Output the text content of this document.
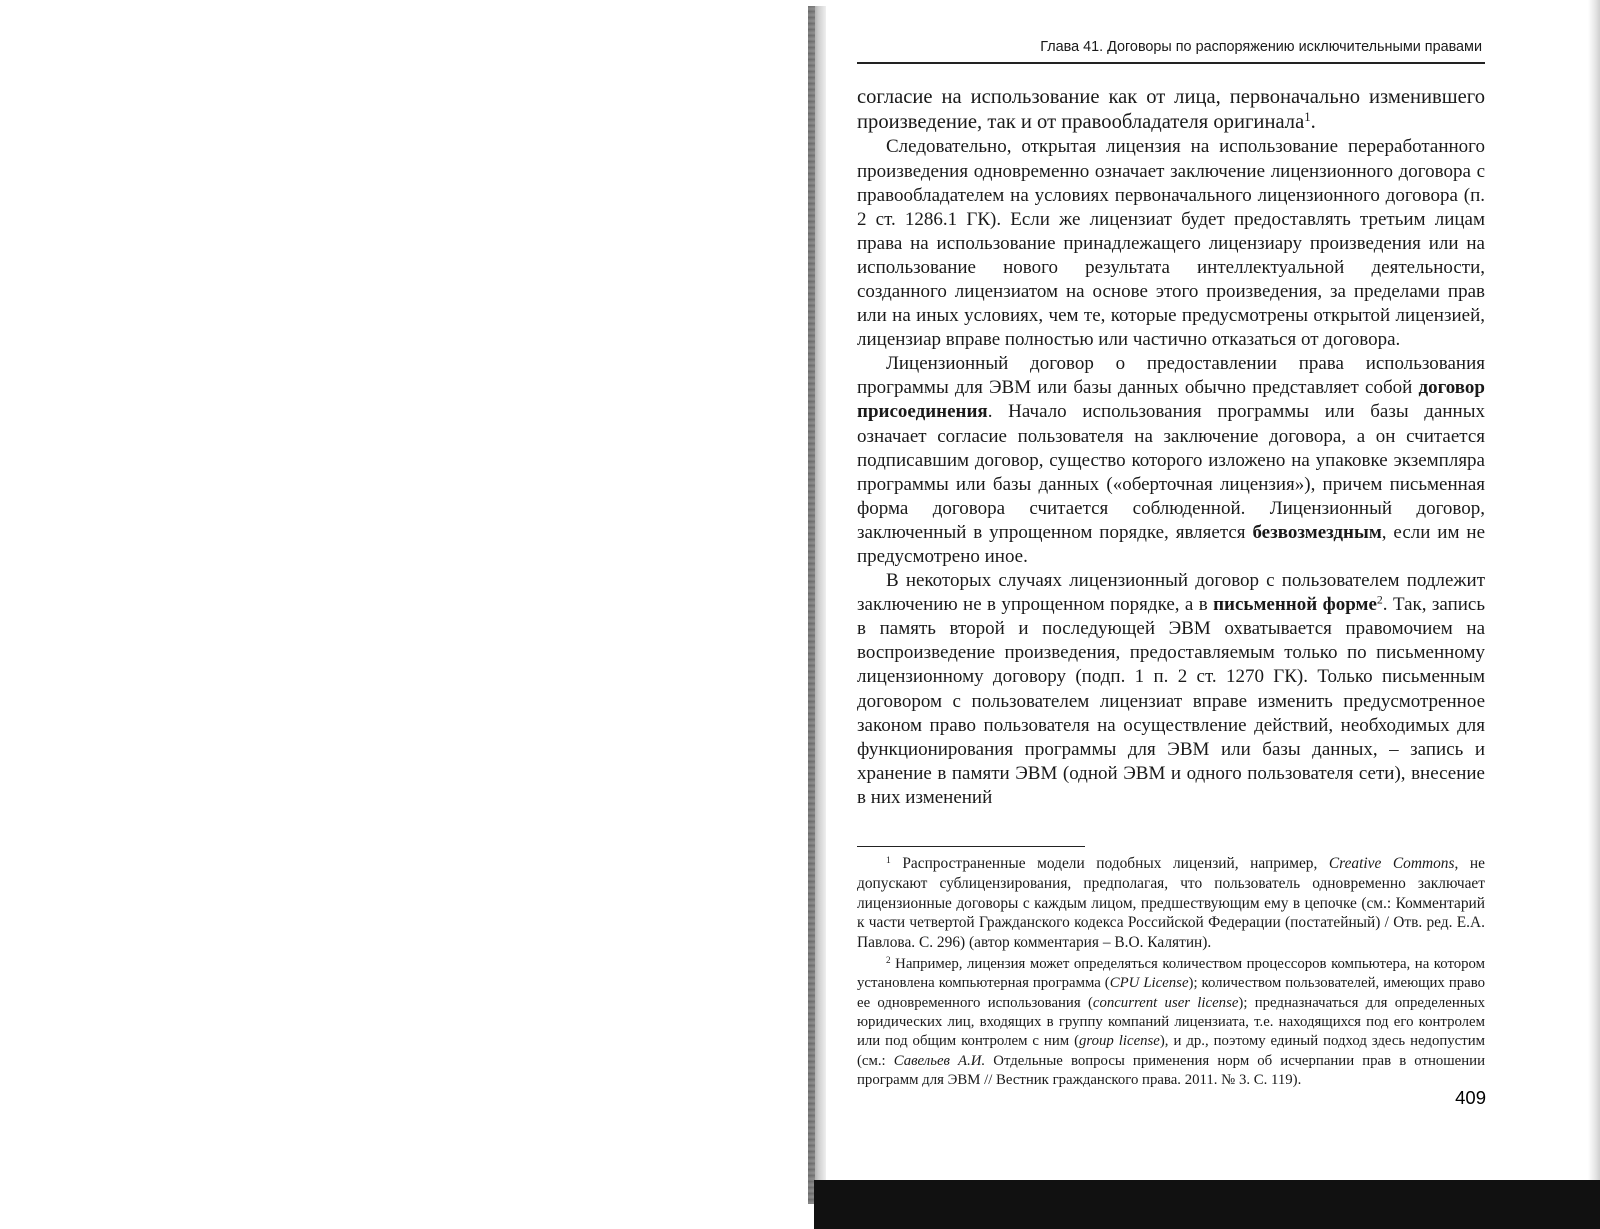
Глава 41. Договоры по распоряжению исключительными правами

согласие на использование как от лица, первоначально изменившего произведение, так и от правообладателя оригинала$^1$.

Следовательно, открытая лицензия на использование переработанного произведения одновременно означает заключение лицензионного договора с правообладателем на условиях первоначального лицензионного договора (п. 2 ст. 1286.1 ГК). Если же лицензиат будет предоставлять третьим лицам права на использование принадлежащего лицензиару произведения или на использование нового результата интеллектуальной деятельности, созданного лицензиатом на основе этого произведения, за пределами прав или на иных условиях, чем те, которые предусмотрены открытой лицензией, лицензиар вправе полностью или частично отказаться от договора.

Лицензионный договор о предоставлении права использования программы для ЭВМ или базы данных обычно представляет собой договор присоединения. Начало использования программы или базы данных означает согласие пользователя на заключение договора, а он считается подписавшим договор, существо которого изложено на упаковке экземпляра программы или базы данных («оберточная лицензия»), причем письменная форма договора считается соблюденной. Лицензионный договор, заключенный в упрощенном порядке, является безвозмездным, если им не предусмотрено иное.

В некоторых случаях лицензионный договор с пользователем подлежит заключению не в упрощенном порядке, а в письменной форме$^2$. Так, запись в память второй и последующей ЭВМ охватывается правомочием на воспроизведение произведения, предоставляемым только по письменному лицензионному договору (подп. 1 п. 2 ст. 1270 ГК). Только письменным договором с пользователем лицензиат вправе изменить предусмотренное законом право пользователя на осуществление действий, необходимых для функционирования программы для ЭВМ или базы данных, – запись и хранение в памяти ЭВМ (одной ЭВМ и одного пользователя сети), внесение в них изменений

$^1$ Распространенные модели подобных лицензий, например, Creative Commons, не допускают сублицензирования, предполагая, что пользователь одновременно заключает лицензионные договоры с каждым лицом, предшествующим ему в цепочке (см.: Комментарий к части четвертой Гражданского кодекса Российской Федерации (постатейный) / Отв. ред. Е.А. Павлова. С. 296) (автор комментария – В.О. Калятин).

$^2$ Например, лицензия может определяться количеством процессоров компьютера, на котором установлена компьютерная программа (CPU License); количеством пользователей, имеющих право ее одновременного использования (concurrent user license); предназначаться для определенных юридических лиц, входящих в группу компаний лицензиата, т.е. находящихся под его контролем или под общим контролем с ним (group license), и др., поэтому единый подход здесь недопустим (см.: Савельев А.И. Отдельные вопросы применения норм об исчерпании прав в отношении программ для ЭВМ // Вестник гражданского права. 2011. № 3. С. 119).

409
